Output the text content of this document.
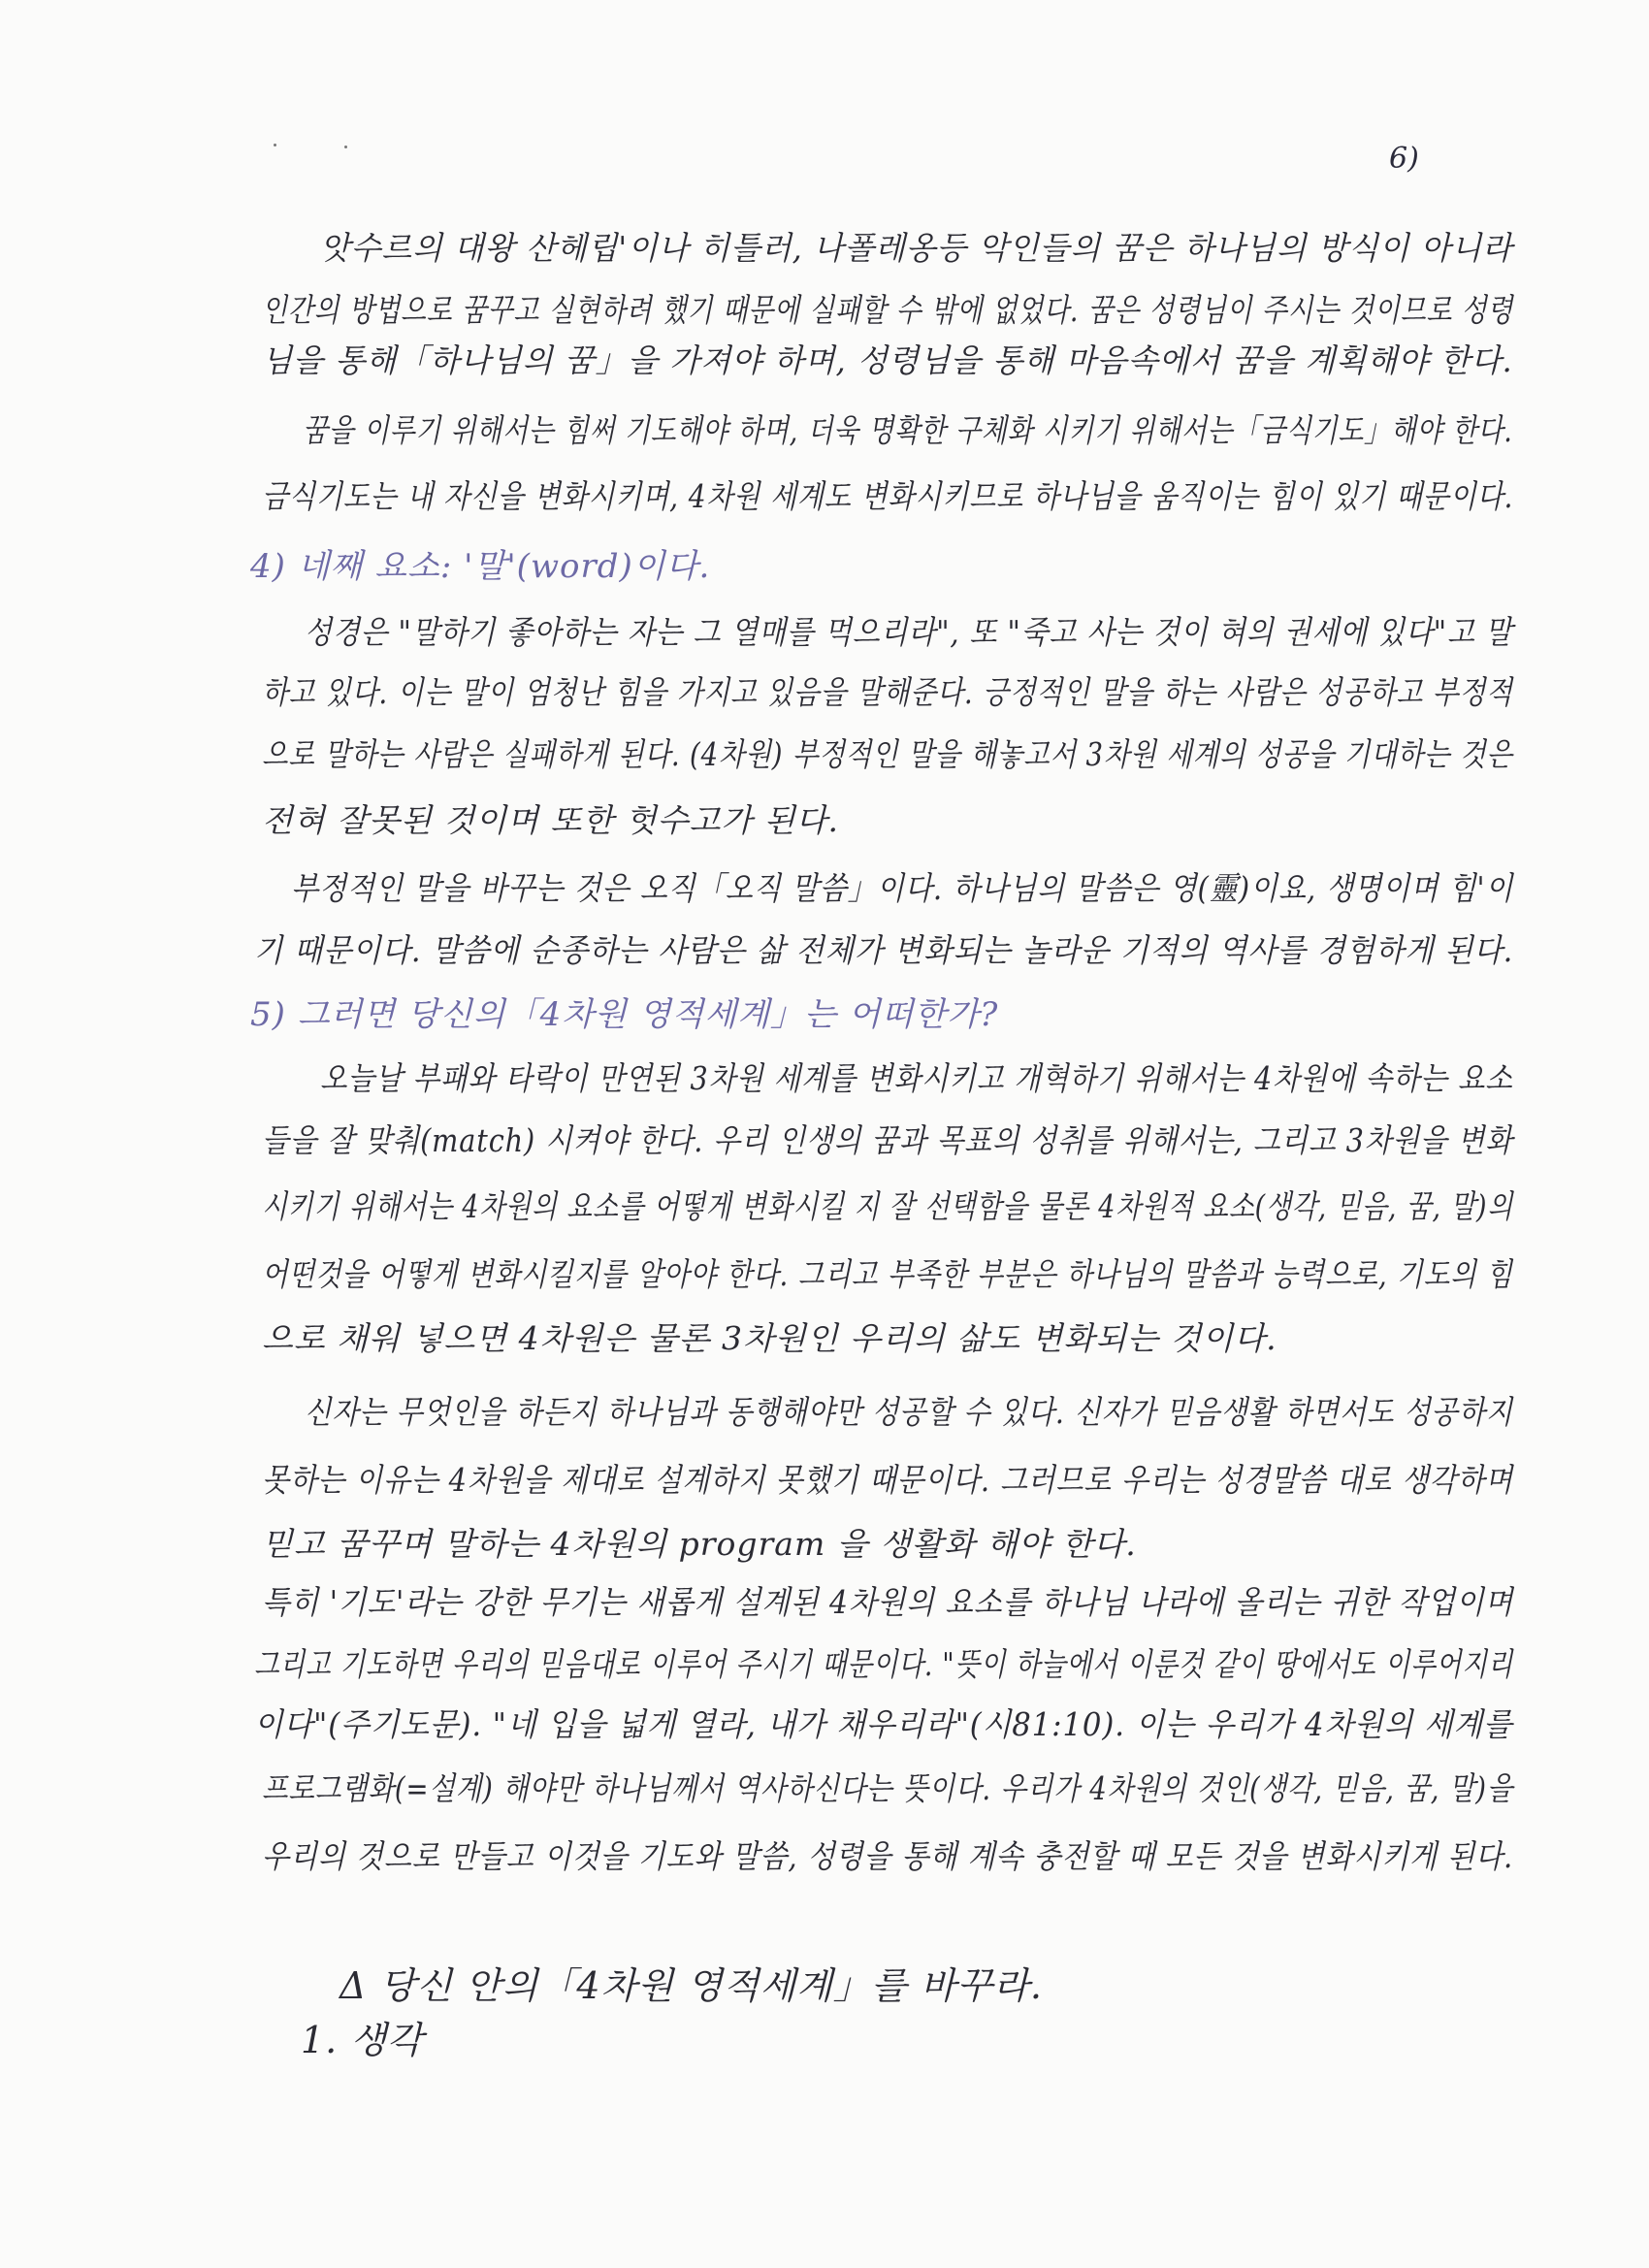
6)
앗수르의 대왕 산헤립'이나 히틀러, 나폴레옹등 악인들의 꿈은 하나님의 방식이 아니라
인간의 방법으로 꿈꾸고 실현하려 했기 때문에 실패할 수 밖에 없었다. 꿈은 성령님이 주시는 것이므로 성령
님을 통해「하나님의 꿈」을 가져야 하며, 성령님을 통해 마음속에서 꿈을 계획해야 한다.
꿈을 이루기 위해서는 힘써 기도해야 하며, 더욱 명확한 구체화 시키기 위해서는「금식기도」해야 한다.
금식기도는 내 자신을 변화시키며, 4차원 세계도 변화시키므로 하나님을 움직이는 힘이 있기 때문이다.
4) 네째 요소: '말'(word)이다.
성경은 "말하기 좋아하는 자는 그 열매를 먹으리라", 또 "죽고 사는 것이 혀의 권세에 있다"고 말
하고 있다. 이는 말이 엄청난 힘을 가지고 있음을 말해준다. 긍정적인 말을 하는 사람은 성공하고 부정적
으로 말하는 사람은 실패하게 된다. (4차원) 부정적인 말을 해놓고서 3차원 세계의 성공을 기대하는 것은
전혀 잘못된 것이며 또한 헛수고가 된다.
부정적인 말을 바꾸는 것은 오직「오직 말씀」이다. 하나님의 말씀은 영(靈)이요, 생명이며 힘'이
기 때문이다. 말씀에 순종하는 사람은 삶 전체가 변화되는 놀라운 기적의 역사를 경험하게 된다.
5) 그러면 당신의「4차원 영적세계」는 어떠한가?
오늘날 부패와 타락이 만연된 3차원 세계를 변화시키고 개혁하기 위해서는 4차원에 속하는 요소
들을 잘 맞춰(match) 시켜야 한다. 우리 인생의 꿈과 목표의 성취를 위해서는, 그리고 3차원을 변화
시키기 위해서는 4차원의 요소를 어떻게 변화시킬 지 잘 선택함을 물론 4차원적 요소(생각, 믿음, 꿈, 말)의
어떤것을 어떻게 변화시킬지를 알아야 한다. 그리고 부족한 부분은 하나님의 말씀과 능력으로, 기도의 힘
으로 채워 넣으면 4차원은 물론 3차원인 우리의 삶도 변화되는 것이다.
신자는 무엇인을 하든지 하나님과 동행해야만 성공할 수 있다. 신자가 믿음생활 하면서도 성공하지
못하는 이유는 4차원을 제대로 설계하지 못했기 때문이다. 그러므로 우리는 성경말씀 대로 생각하며
믿고 꿈꾸며 말하는 4차원의 program 을 생활화 해야 한다.
특히 '기도'라는 강한 무기는 새롭게 설계된 4차원의 요소를 하나님 나라에 올리는 귀한 작업이며
그리고 기도하면 우리의 믿음대로 이루어 주시기 때문이다. "뜻이 하늘에서 이룬것 같이 땅에서도 이루어지리
이다"(주기도문). "네 입을 넓게 열라, 내가 채우리라"(시81:10). 이는 우리가 4차원의 세계를
프로그램화(=설계) 해야만 하나님께서 역사하신다는 뜻이다. 우리가 4차원의 것인(생각, 믿음, 꿈, 말)을
우리의 것으로 만들고 이것을 기도와 말씀, 성령을 통해 계속 충전할 때 모든 것을 변화시키게 된다.
Δ 당신 안의「4차원 영적세계」를 바꾸라.
1. 생각
